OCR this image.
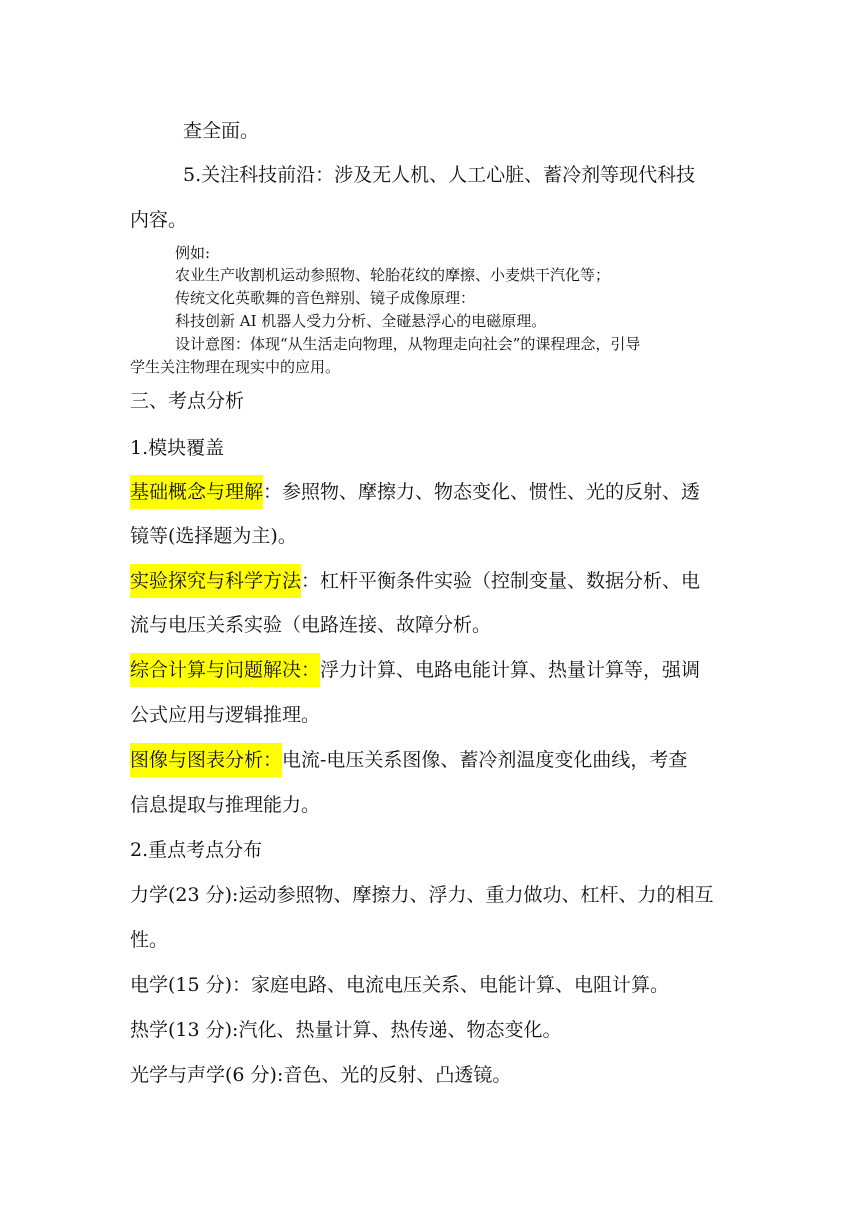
查全面。
5.关注科技前沿：涉及无人机、人工心脏、蓄冷剂等现代科技
内容。
例如:
农业生产收割机运动参照物、轮胎花纹的摩擦、小麦烘干汽化等；
传统文化英歌舞的音色辩别、镜子成像原理：
科技创新 AI 机器人受力分析、全碰悬浮心的电磁原理。
设计意图：体现“从生活走向物理，从物理走向社会”的课程理念，引导
学生关注物理在现实中的应用。
三、考点分析
1.模块覆盖
基础概念与理解：参照物、摩擦力、物态变化、惯性、光的反射、透
镜等(选择题为主)。
实验探究与科学方法：杠杆平衡条件实验（控制变量、数据分析、电
流与电压关系实验（电路连接、故障分析。
综合计算与问题解决：浮力计算、电路电能计算、热量计算等，强调
公式应用与逻辑推理。
图像与图表分析：电流-电压关系图像、蓄冷剂温度变化曲线，考查
信息提取与推理能力。
2.重点考点分布
力学(23 分):运动参照物、摩擦力、浮力、重力做功、杠杆、力的相互
性。
电学(15 分)：家庭电路、电流电压关系、电能计算、电阻计算。
热学(13 分):汽化、热量计算、热传递、物态变化。
光学与声学(6 分):音色、光的反射、凸透镜。
